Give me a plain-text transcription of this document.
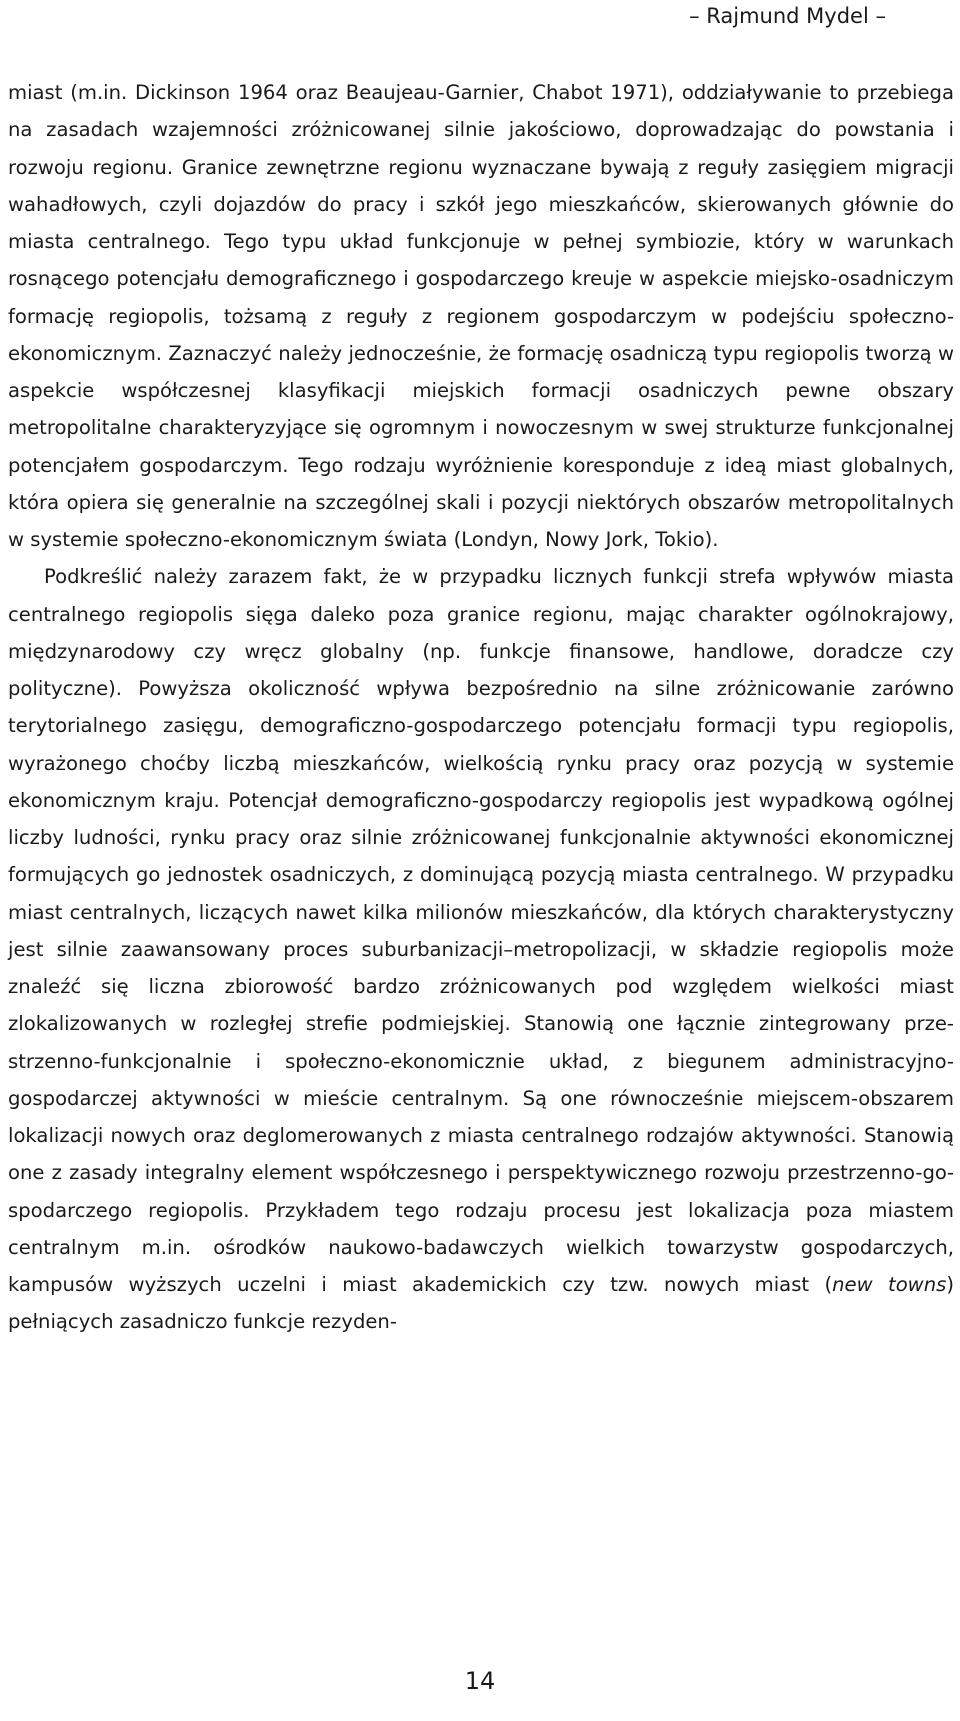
– Rajmund Mydel –

miast (m.in. Dickinson 1964 oraz Beaujeau-Garnier, Chabot 1971), oddziaływanie to przebiega na zasadach wzajemności zróżnicowanej silnie jakościowo, doprowadzając do powstania i rozwoju regionu. Granice zewnętrzne regionu wyznaczane bywają z reguły zasięgiem migracji wahadłowych, czyli dojazdów do pracy i szkół jego mieszkańców, skierowanych głównie do miasta centralnego. Tego typu układ funkcjonuje w pełnej symbiozie, który w warunkach rosnącego potencjału demograficznego i gospodarczego kreuje w aspekcie miejsko-osadniczym formację regiopolis, tożsamą z reguły z regionem gospodarczym w podejściu społeczno-ekonomicznym. Zaznaczyć należy jednocześnie, że formację osadniczą typu regiopolis tworzą w aspekcie współczesnej klasyfikacji miejskich formacji osadniczych pewne obszary metropolitalne charakteryzyjące się ogromnym i nowoczesnym w swej strukturze funkcjonalnej potencjałem gospodarczym. Tego rodzaju wyróżnienie koresponduje z ideą miast globalnych, która opiera się generalnie na szczególnej skali i pozycji niektórych obszarów metropolitalnych w systemie społeczno-ekonomicznym świata (Londyn, Nowy Jork, Tokio).

Podkreślić należy zarazem fakt, że w przypadku licznych funkcji strefa wpływów miasta centralnego regiopolis sięga daleko poza granice regionu, mając charakter ogólnokrajowy, międzynarodowy czy wręcz globalny (np. funkcje finansowe, handlowe, doradcze czy polityczne). Powyższa okoliczność wpływa bezpośrednio na silne zróżnicowanie zarówno terytorialnego zasięgu, demograficzno-gospodarczego potencjału formacji typu regiopolis, wyrażonego choćby liczbą mieszkańców, wielkością rynku pracy oraz pozycją w systemie ekonomicznym kraju. Potencjał demograficzno-gospodarczy regiopolis jest wypadkową ogólnej liczby ludności, rynku pracy oraz silnie zróżnicowanej funkcjonalnie aktywności ekonomicznej formujących go jednostek osadniczych, z dominującą pozycją miasta centralnego. W przypadku miast centralnych, liczących nawet kilka milionów mieszkańców, dla których charakterystyczny jest silnie zaawansowany proces suburbanizacji–metropolizacji, w składzie regiopolis może znaleźć się liczna zbiorowość bardzo zróżnicowanych pod względem wielkości miast zlokalizowanych w rozległej strefie podmiejskiej. Stanowią one łącznie zintegrowany przestrzenno-funkcjonalnie i społeczno-ekonomicznie układ, z biegunem administracyjno-gospodarczej aktywności w mieście centralnym. Są one równocześnie miejscem-obszarem lokalizacji nowych oraz deglomerowanych z miasta centralnego rodzajów aktywności. Stanowią one z zasady integralny element współczesnego i perspektywicznego rozwoju przestrzenno-gospodarczego regiopolis. Przykładem tego rodzaju procesu jest lokalizacja poza miastem centralnym m.in. ośrodków naukowo-badawczych wielkich towarzystw gospodarczych, kampusów wyższych uczelni i miast akademickich czy tzw. nowych miast (new towns) pełniących zasadniczo funkcje rezyden-

14
